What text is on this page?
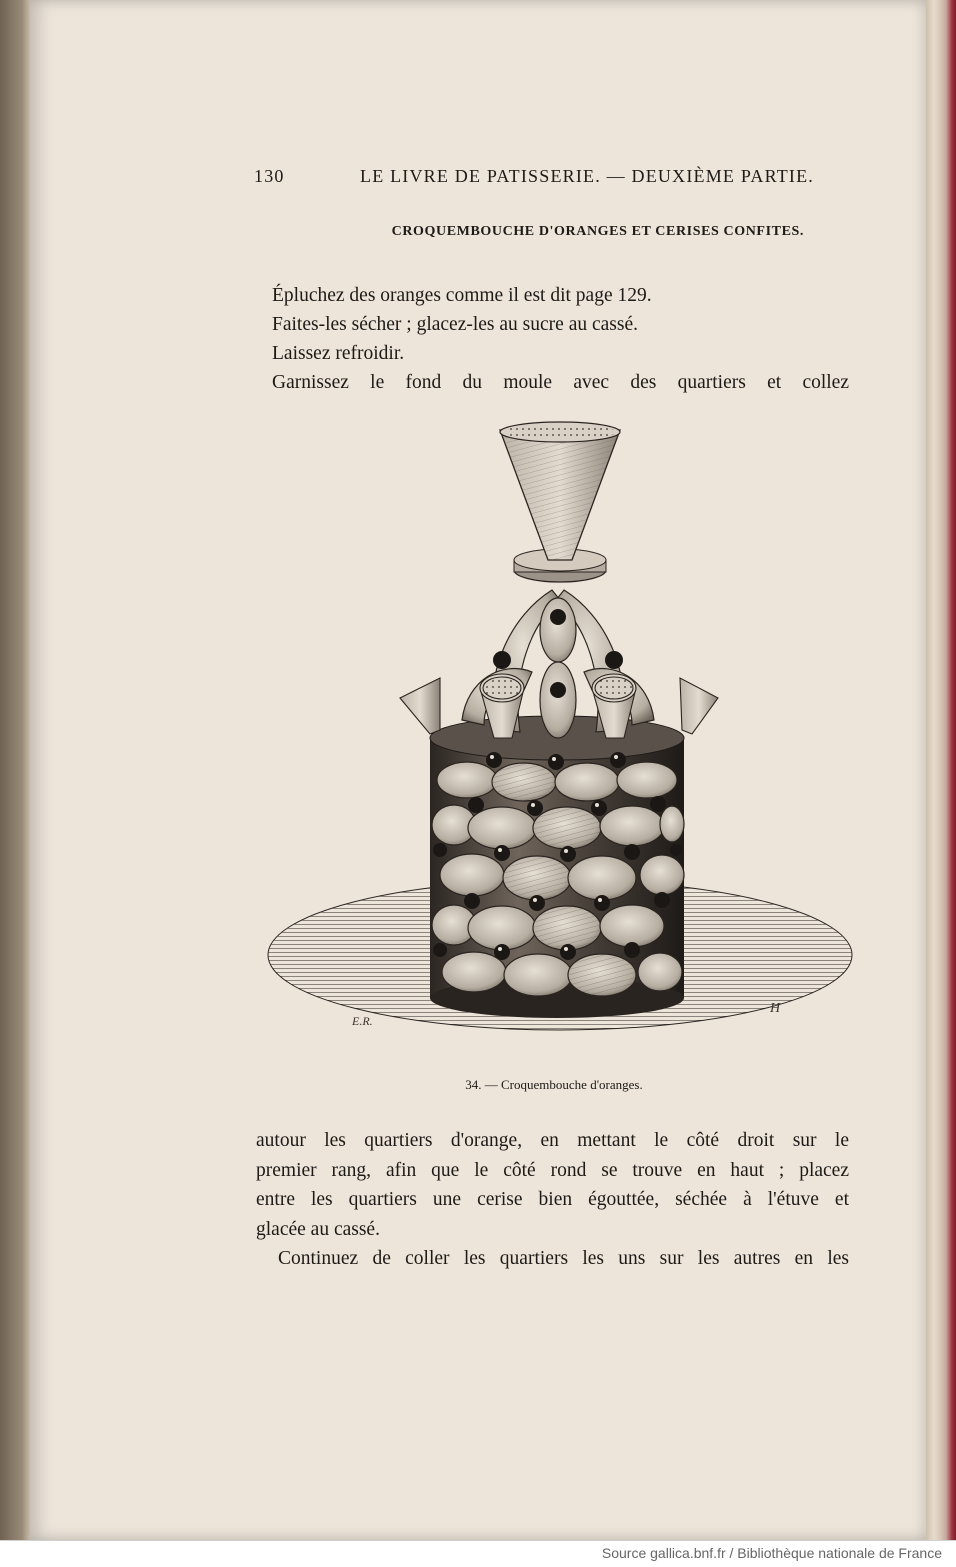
130	LE LIVRE DE PATISSERIE. — DEUXIÈME PARTIE.
CROQUEMBOUCHE D'ORANGES ET CERISES CONFITES.
Épluchez des oranges comme il est dit page 129.
Faites-les sécher ; glacez-les au sucre au cassé.
Laissez refroidir.
Garnissez le fond du moule avec des quartiers et collez
E.R.
H
34. — Croquembouche d'oranges.
autour les quartiers d'orange, en mettant le côté droit sur le
premier rang, afin que le côté rond se trouve en haut ; placez
entre les quartiers une cerise bien égouttée, séchée à l'étuve et
glacée au cassé.
Continuez de coller les quartiers les uns sur les autres en les
Source gallica.bnf.fr / Bibliothèque nationale de France
